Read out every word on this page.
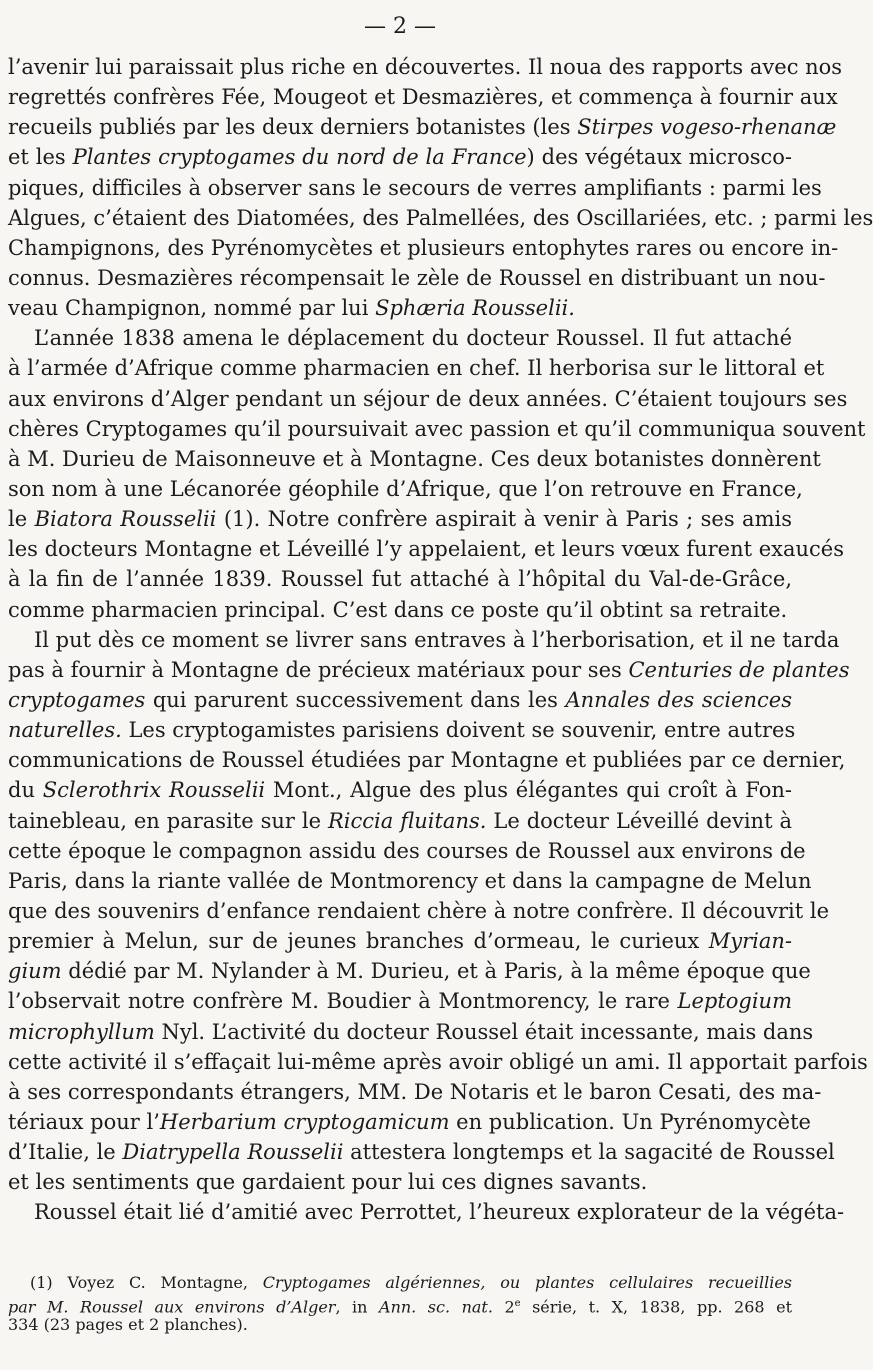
— 2 —
l’avenir lui paraissait plus riche en découvertes. Il noua des rapports avec nos
regrettés confrères Fée, Mougeot et Desmazières, et commença à fournir aux
recueils publiés par les deux derniers botanistes (les Stirpes vogeso-rhenanæ
et les Plantes cryptogames du nord de la France) des végétaux microsco-
piques, difficiles à observer sans le secours de verres amplifiants : parmi les
Algues, c’étaient des Diatomées, des Palmellées, des Oscillariées, etc. ; parmi les
Champignons, des Pyrénomycètes et plusieurs entophytes rares ou encore in-
connus. Desmazières récompensait le zèle de Roussel en distribuant un nou-
veau Champignon, nommé par lui Sphæria Rousselii.
L’année 1838 amena le déplacement du docteur Roussel. Il fut attaché
à l’armée d’Afrique comme pharmacien en chef. Il herborisa sur le littoral et
aux environs d’Alger pendant un séjour de deux années. C’étaient toujours ses
chères Cryptogames qu’il poursuivait avec passion et qu’il communiqua souvent
à M. Durieu de Maisonneuve et à Montagne. Ces deux botanistes donnèrent
son nom à une Lécanorée géophile d’Afrique, que l’on retrouve en France,
le Biatora Rousselii (1). Notre confrère aspirait à venir à Paris ; ses amis
les docteurs Montagne et Léveillé l’y appelaient, et leurs vœux furent exaucés
à la fin de l’année 1839. Roussel fut attaché à l’hôpital du Val-de-Grâce,
comme pharmacien principal. C’est dans ce poste qu’il obtint sa retraite.
Il put dès ce moment se livrer sans entraves à l’herborisation, et il ne tarda
pas à fournir à Montagne de précieux matériaux pour ses Centuries de plantes
cryptogames qui parurent successivement dans les Annales des sciences
naturelles. Les cryptogamistes parisiens doivent se souvenir, entre autres
communications de Roussel étudiées par Montagne et publiées par ce dernier,
du Sclerothrix Rousselii Mont., Algue des plus élégantes qui croît à Fon-
tainebleau, en parasite sur le Riccia fluitans. Le docteur Léveillé devint à
cette époque le compagnon assidu des courses de Roussel aux environs de
Paris, dans la riante vallée de Montmorency et dans la campagne de Melun
que des souvenirs d’enfance rendaient chère à notre confrère. Il découvrit le
premier à Melun, sur de jeunes branches d’ormeau, le curieux Myrian-
gium dédié par M. Nylander à M. Durieu, et à Paris, à la même époque que
l’observait notre confrère M. Boudier à Montmorency, le rare Leptogium
microphyllum Nyl. L’activité du docteur Roussel était incessante, mais dans
cette activité il s’effaçait lui-même après avoir obligé un ami. Il apportait parfois
à ses correspondants étrangers, MM. De Notaris et le baron Cesati, des ma-
tériaux pour l’Herbarium cryptogamicum en publication. Un Pyrénomycète
d’Italie, le Diatrypella Rousselii attestera longtemps et la sagacité de Roussel
et les sentiments que gardaient pour lui ces dignes savants.
Roussel était lié d’amitié avec Perrottet, l’heureux explorateur de la végéta-
(1) Voyez C. Montagne, Cryptogames algériennes, ou plantes cellulaires recueillies
par M. Roussel aux environs d’Alger, in Ann. sc. nat. 2e série, t. X, 1838, pp. 268 et
334 (23 pages et 2 planches).
